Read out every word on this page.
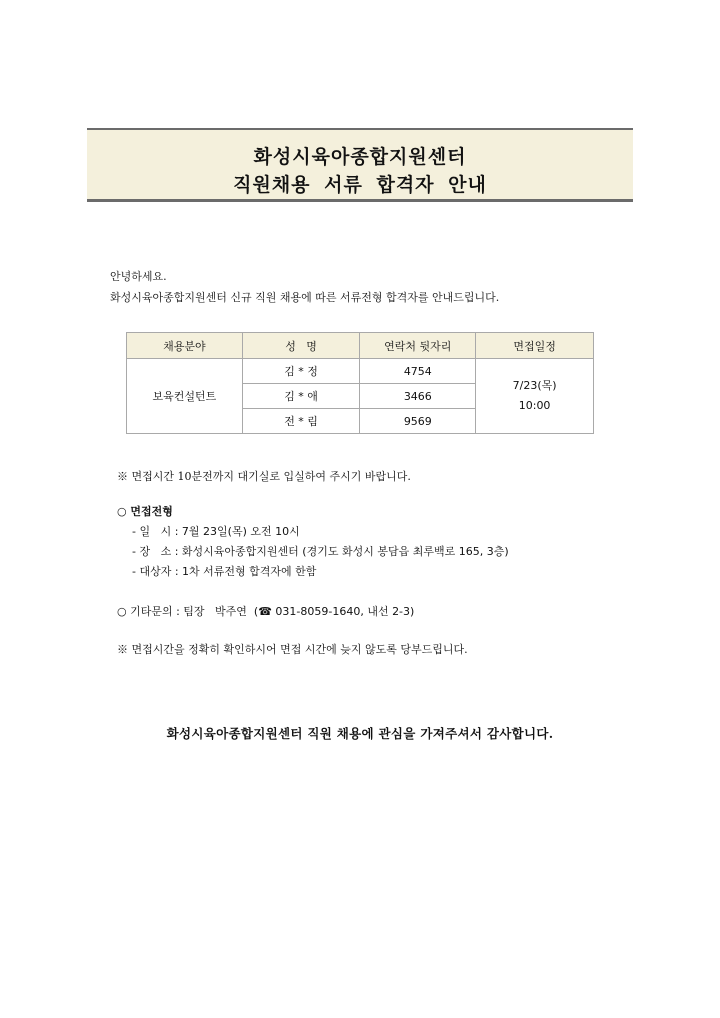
화성시육아종합지원센터
직원채용 서류 합격자 안내
안녕하세요.
화성시육아종합지원센터 신규 직원 채용에 따른 서류전형 합격자를 안내드립니다.
채용분야	성   명	연락처 뒷자리	면접일정
보육컨설턴트	김 * 정	4754	7/23(목)
10:00

	김 * 애	3466	
	전 * 림	9569	
※ 면접시간 10분전까지 대기실로 입실하여 주시기 바랍니다.
○ 면접전형
- 일   시 : 7월 23일(목) 오전 10시
- 장   소 : 화성시육아종합지원센터 (경기도 화성시 봉담읍 최루백로 165, 3층)
- 대상자 : 1차 서류전형 합격자에 한함
○ 기타문의 : 팀장   박주연  (☎ 031-8059-1640, 내선 2-3)
※ 면접시간을 정확히 확인하시어 면접 시간에 늦지 않도록 당부드립니다.
화성시육아종합지원센터 직원 채용에 관심을 가져주셔서 감사합니다.
